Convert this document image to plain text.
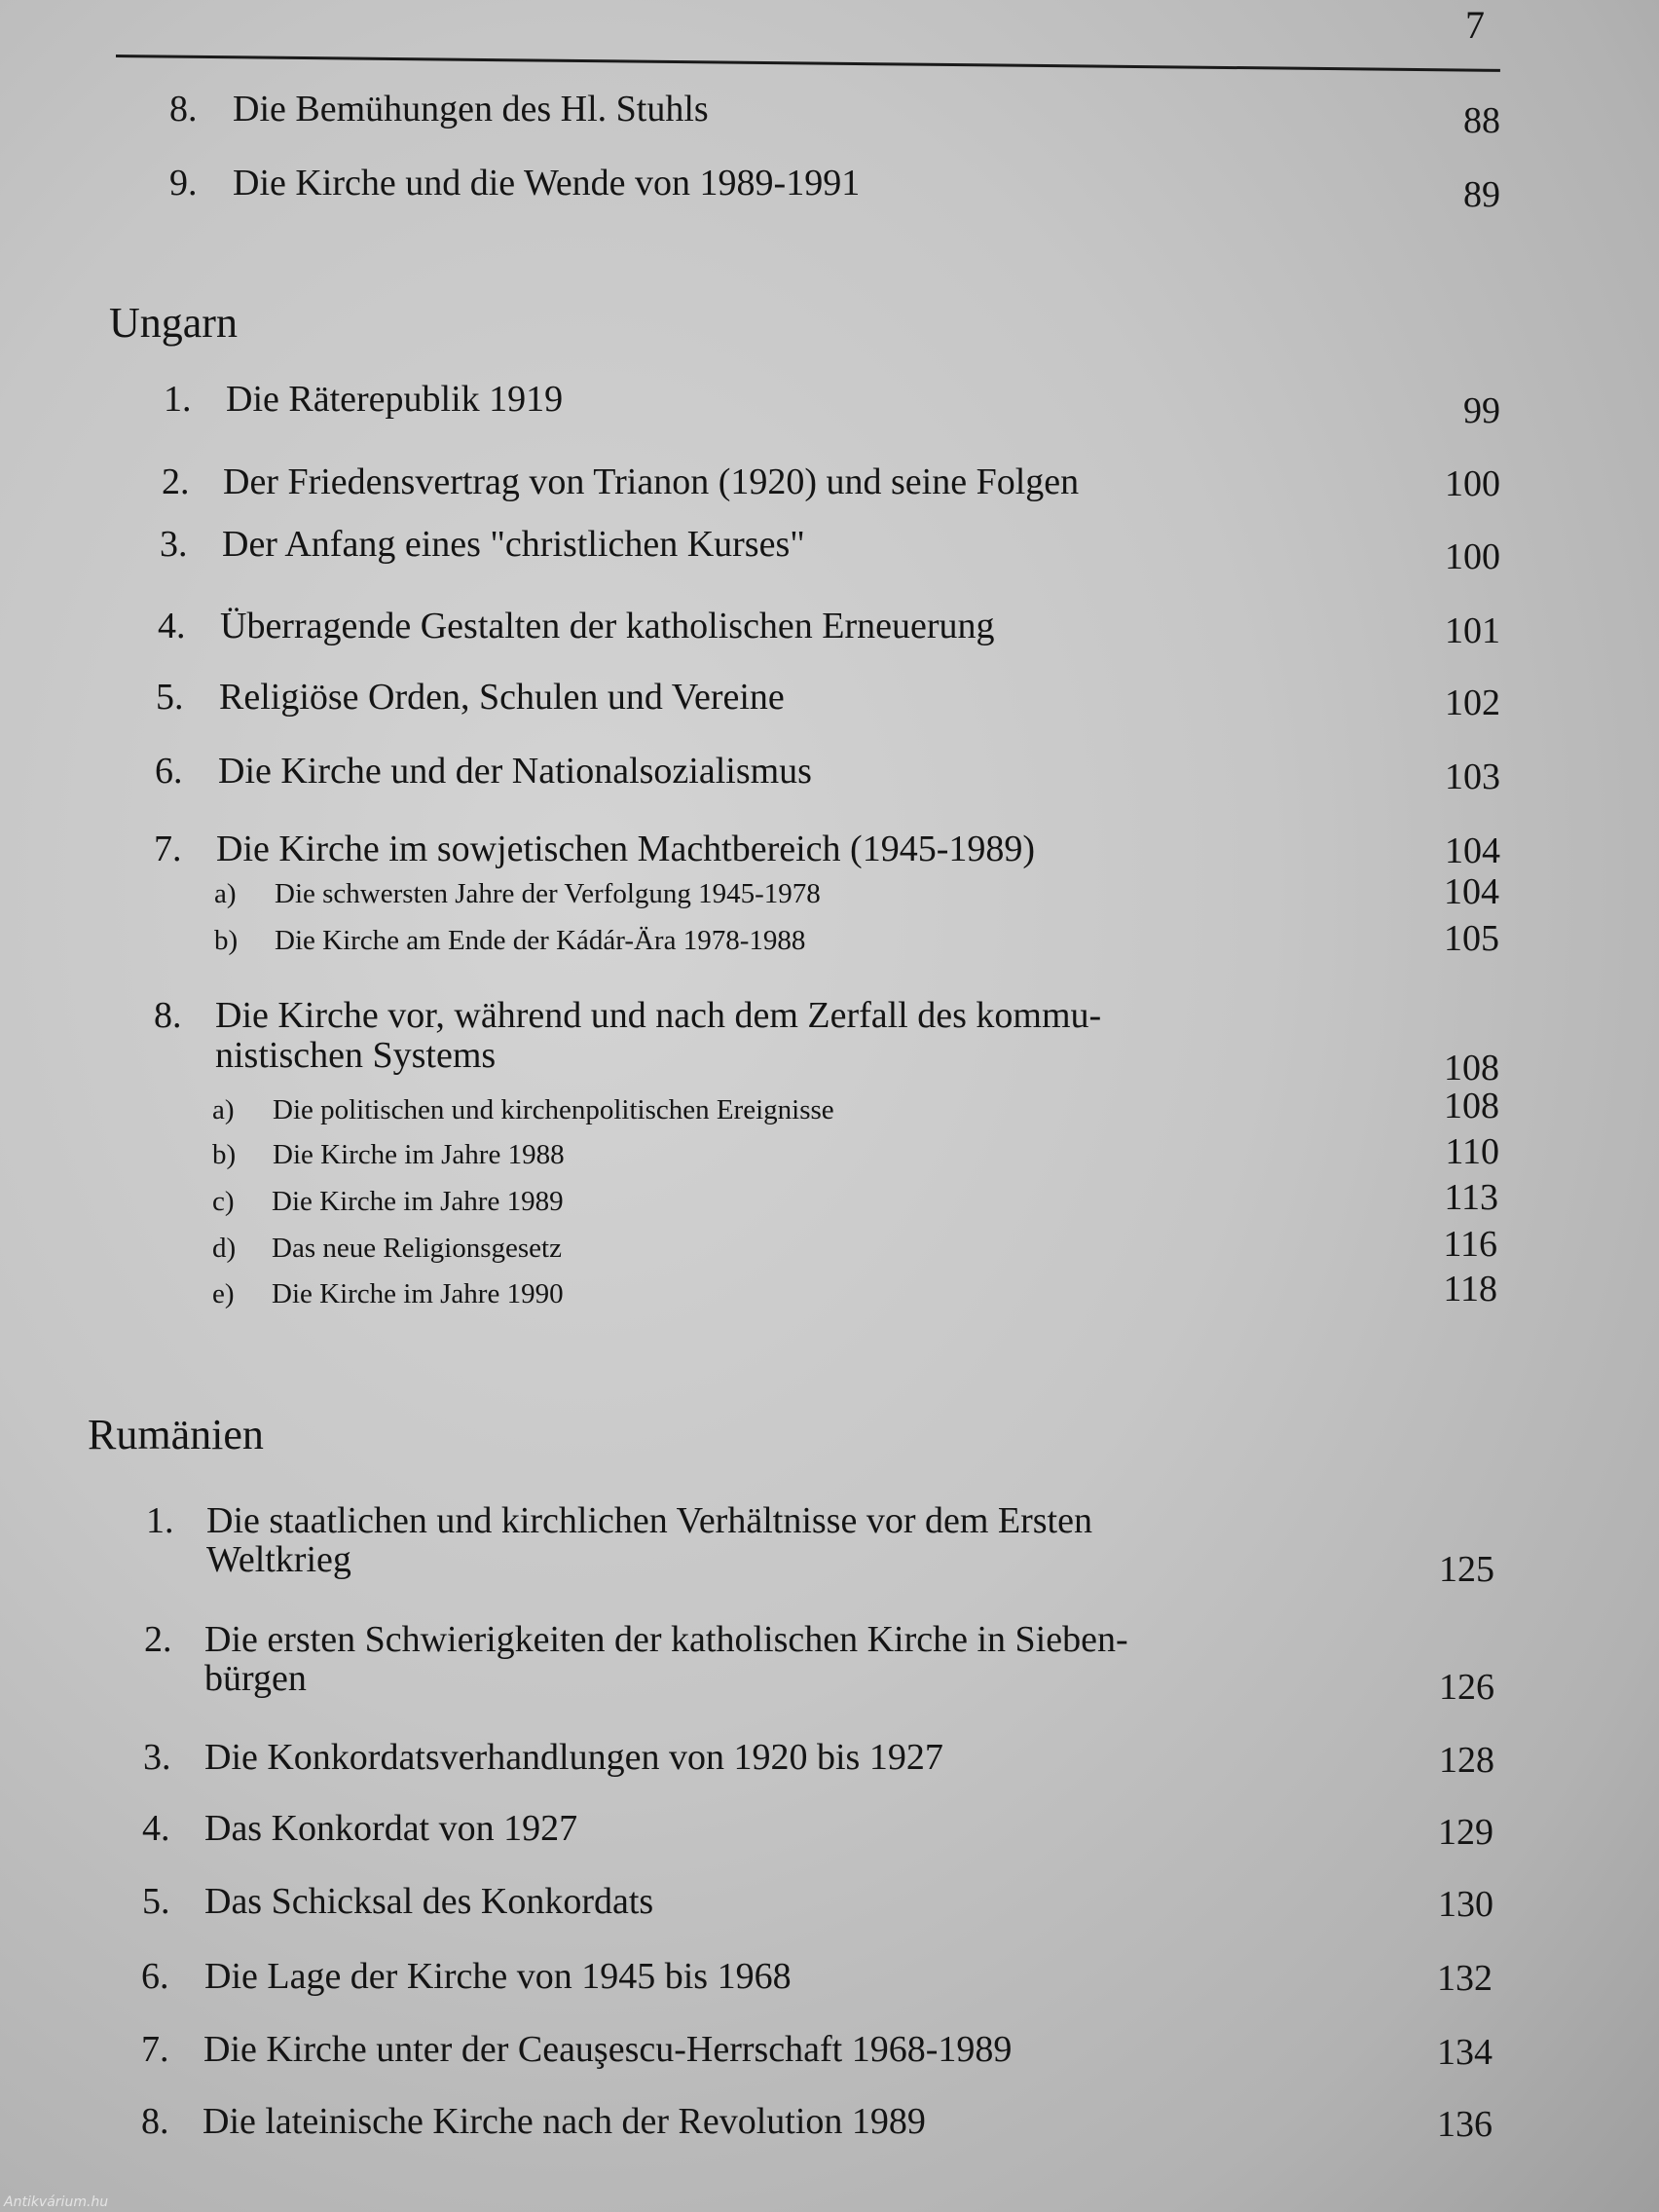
7
8. Die Bemühungen des Hl. Stuhls	88
9. Die Kirche und die Wende von 1989-1991	89
Ungarn
1. Die Räterepublik 1919	99
2. Der Friedensvertrag von Trianon (1920) und seine Folgen	100
3. Der Anfang eines "christlichen Kurses"	100
4. Überragende Gestalten der katholischen Erneuerung	101
5. Religiöse Orden, Schulen und Vereine	102
6. Die Kirche und der Nationalsozialismus	103
7. Die Kirche im sowjetischen Machtbereich (1945-1989)	104
a) Die schwersten Jahre der Verfolgung 1945-1978	104
b) Die Kirche am Ende der Kádár-Ära 1978-1988	105
8. Die Kirche vor, während und nach dem Zerfall des kommu-
nistischen Systems	108
a) Die politischen und kirchenpolitischen Ereignisse	108
b) Die Kirche im Jahre 1988	110
c) Die Kirche im Jahre 1989	113
d) Das neue Religionsgesetz	116
e) Die Kirche im Jahre 1990	118
Rumänien
1. Die staatlichen und kirchlichen Verhältnisse vor dem Ersten
Weltkrieg	125
2. Die ersten Schwierigkeiten der katholischen Kirche in Sieben-
bürgen	126
3. Die Konkordatsverhandlungen von 1920 bis 1927	128
4. Das Konkordat von 1927	129
5. Das Schicksal des Konkordats	130
6. Die Lage der Kirche von 1945 bis 1968	132
7. Die Kirche unter der Ceauşescu-Herrschaft 1968-1989	134
8. Die lateinische Kirche nach der Revolution 1989	136
Antikvárium.hu
